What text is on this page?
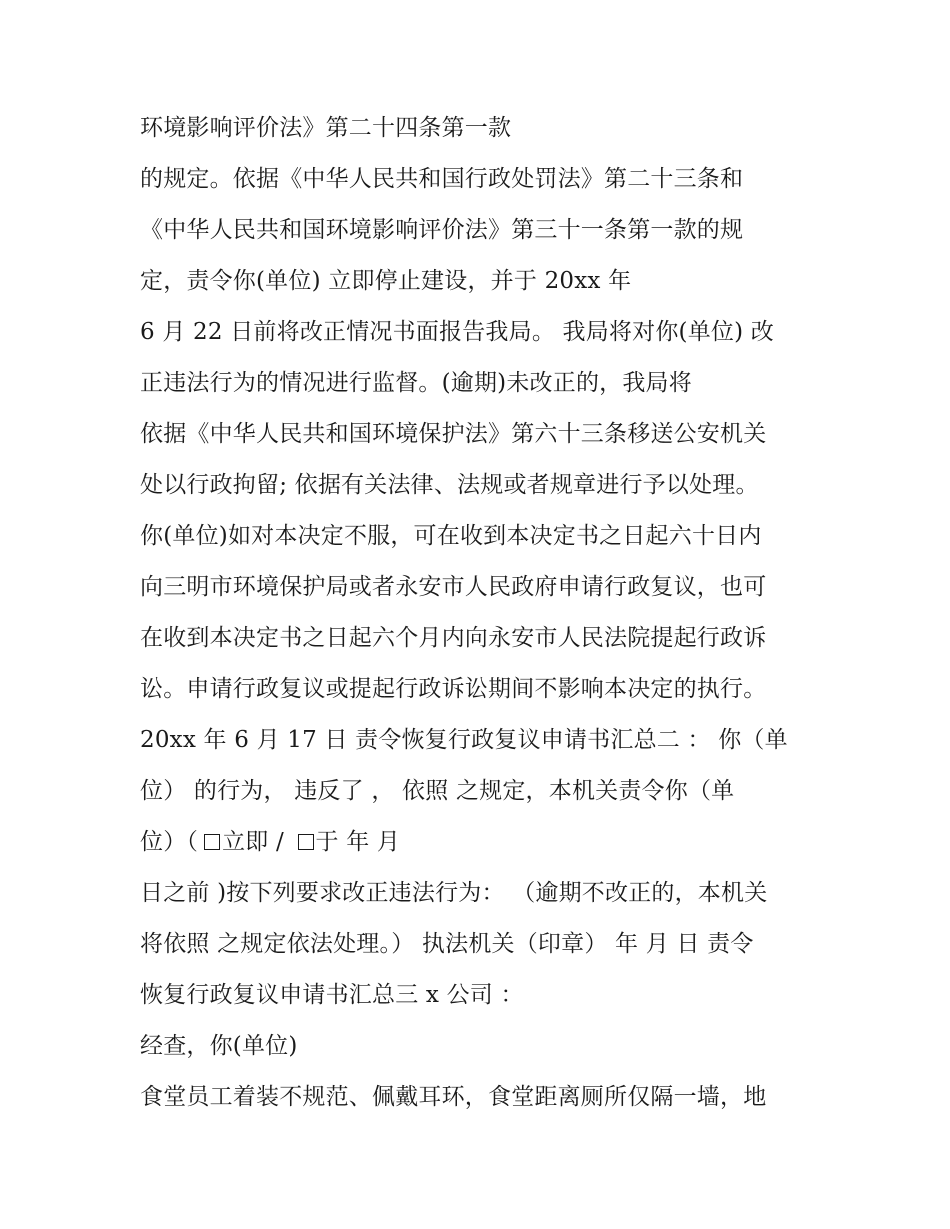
环境影响评价法》第二十四条第一款

的规定。依据《中华人民共和国行政处罚法》第二十三条和

《中华人民共和国环境影响评价法》第三十一条第一款的规

定，责令你(单位) 立即停止建设，并于 20xx 年

6 月 22 日前将改正情况书面报告我局。 我局将对你(单位) 改

正违法行为的情况进行监督。(逾期)未改正的，我局将

依据《中华人民共和国环境保护法》第六十三条移送公安机关

处以行政拘留; 依据有关法律、法规或者规章进行予以处理。

你(单位)如对本决定不服，可在收到本决定书之日起六十日内

向三明市环境保护局或者永安市人民政府申请行政复议，也可

在收到本决定书之日起六个月内向永安市人民法院提起行政诉

讼。申请行政复议或提起行政诉讼期间不影响本决定的执行。

20xx 年 6 月 17 日 责令恢复行政复议申请书汇总二 ： 你（单

位） 的行为， 违反了 ， 依照 之规定，本机关责令你（单

位）（ 立即 / 于 年 月

日之前 )按下列要求改正违法行为： （逾期不改正的，本机关

将依照 之规定依法处理。） 执法机关（印章） 年 月 日 责令

恢复行政复议申请书汇总三 x 公司 ：

经查，你(单位)

食堂员工着装不规范、佩戴耳环，食堂距离厕所仅隔一墙，地
